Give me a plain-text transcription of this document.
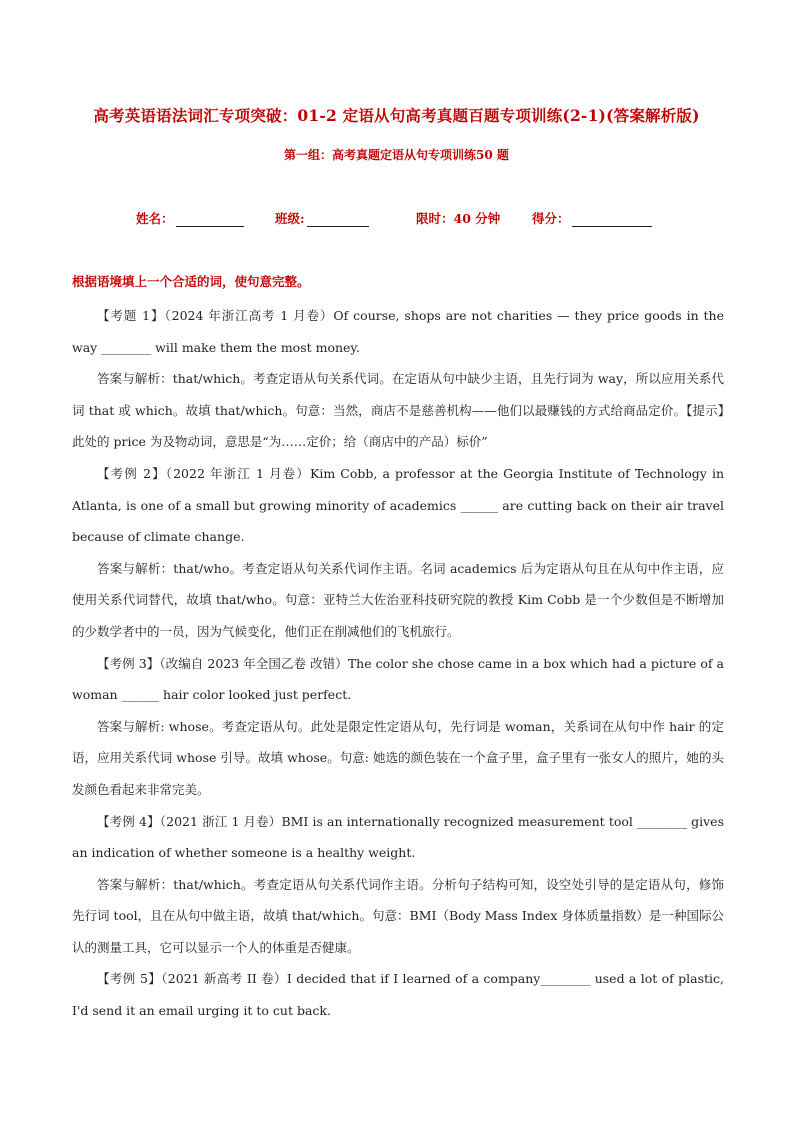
高考英语语法词汇专项突破：01-2 定语从句高考真题百题专项训练(2-1)(答案解析版)
第一组：高考真题定语从句专项训练50 题
姓名：	班级:	限时：40 分钟	得分：
根据语境填上一个合适的词，使句意完整。

【考题 1】（2024 年浙江高考 1 月卷）Of course, shops are not charities — they price goods in the way ________ will make them the most money.

答案与解析：that/which。考查定语从句关系代词。在定语从句中缺少主语，且先行词为 way，所以应用关系代词 that 或 which。故填 that/which。句意：当然，商店不是慈善机构——他们以最赚钱的方式给商品定价。【提示】此处的 price 为及物动词，意思是“为……定价；给（商店中的产品）标价”

【考例 2】（2022 年浙江 1 月卷）Kim Cobb, a professor at the Georgia Institute of Technology in Atlanta, is one of a small but growing minority of academics ______ are cutting back on their air travel because of climate change.

答案与解析：that/who。考查定语从句关系代词作主语。名词 academics 后为定语从句且在从句中作主语，应使用关系代词替代，故填 that/who。句意：亚特兰大佐治亚科技研究院的教授 Kim Cobb 是一个少数但是不断增加的少数学者中的一员，因为气候变化，他们正在削减他们的飞机旅行。

【考例 3】（改编自 2023 年全国乙卷 改错）The color she chose came in a box which had a picture of a woman ______ hair color looked just perfect.

答案与解析: whose。考查定语从句。此处是限定性定语从句，先行词是 woman，关系词在从句中作 hair 的定语，应用关系代词 whose 引导。故填 whose。句意: 她选的颜色装在一个盒子里，盒子里有一张女人的照片，她的头发颜色看起来非常完美。

【考例 4】（2021 浙江 1 月卷）BMI is an internationally recognized measurement tool ________ gives an indication of whether someone is a healthy weight.

答案与解析：that/which。考查定语从句关系代词作主语。分析句子结构可知，设空处引导的是定语从句，修饰先行词 tool，且在从句中做主语，故填 that/which。句意：BMI（Body Mass Index 身体质量指数）是一种国际公认的测量工具，它可以显示一个人的体重是否健康。

【考例 5】（2021 新高考 II 卷）I decided that if I learned of a company________ used a lot of plastic, I'd send it an email urging it to cut back.
